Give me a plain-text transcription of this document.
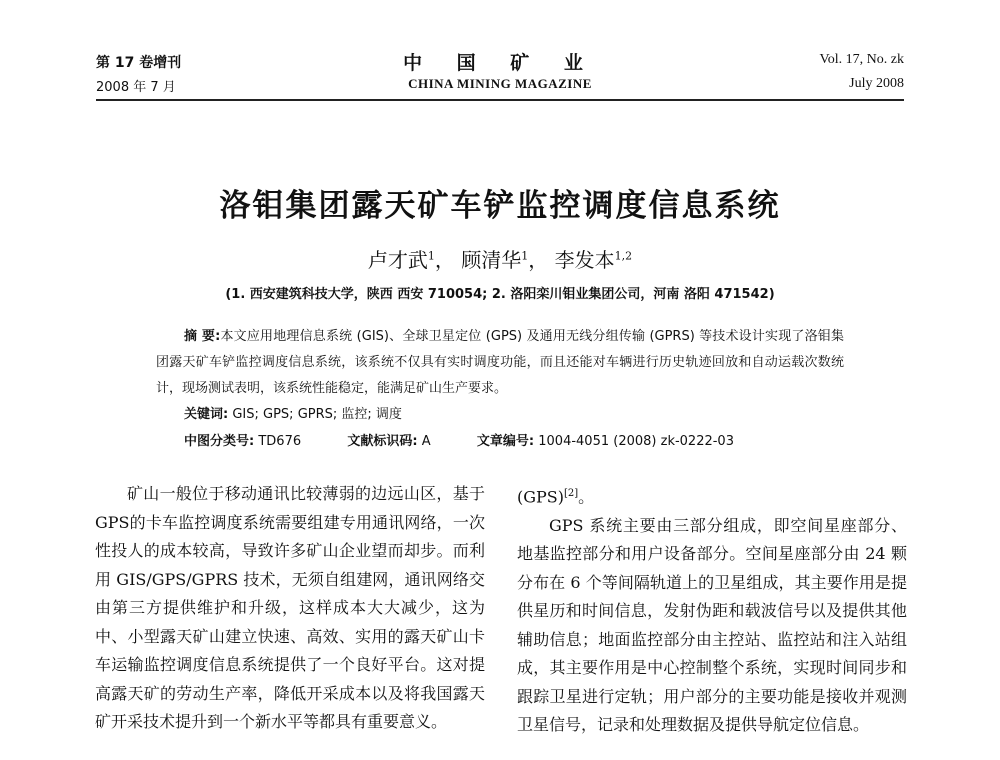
第 17 卷增刊
2008 年 7 月
中 国 矿 业
CHINA MINING MAGAZINE
Vol. 17, No. zk
July 2008
洛钼集团露天矿车铲监控调度信息系统
卢才武$^1$， 顾清华$^1$， 李发本$^{1,2}$
(1. 西安建筑科技大学，陕西 西安 710054; 2. 洛阳栾川钼业集团公司，河南 洛阳 471542)

摘 要:本文应用地理信息系统 (GIS)、全球卫星定位 (GPS) 及通用无线分组传输 (GPRS) 等技术设计实现了洛钼集团露天矿车铲监控调度信息系统，该系统不仅具有实时调度功能，而且还能对车辆进行历史轨迹回放和自动运载次数统计，现场测试表明，该系统性能稳定，能满足矿山生产要求。

关键词: GIS; GPS; GPRS; 监控; 调度
中图分类号: TD676	文献标识码: A	文章编号: 1004-4051 (2008) zk-0222-03

矿山一般位于移动通讯比较薄弱的边远山区，基于GPS的卡车监控调度系统需要组建专用通讯网络，一次性投人的成本较高，导致许多矿山企业望而却步。而利用 GIS/GPS/GPRS 技术，无须自组建网，通讯网络交由第三方提供维护和升级，这样成本大大减少，这为中、小型露天矿山建立快速、高效、实用的露天矿山卡车运输监控调度信息系统提供了一个良好平台。这对提高露天矿的劳动生产率，降低开采成本以及将我国露天矿开采技术提升到一个新水平等都具有重要意义。

(GPS)[2]。

GPS 系统主要由三部分组成，即空间星座部分、地基监控部分和用户设备部分。空间星座部分由 24 颗分布在 6 个等间隔轨道上的卫星组成，其主要作用是提供星历和时间信息，发射伪距和载波信号以及提供其他辅助信息；地面监控部分由主控站、监控站和注入站组成，其主要作用是中心控制整个系统，实现时间同步和跟踪卫星进行定轨；用户部分的主要功能是接收并观测卫星信号，记录和处理数据及提供导航定位信息。
